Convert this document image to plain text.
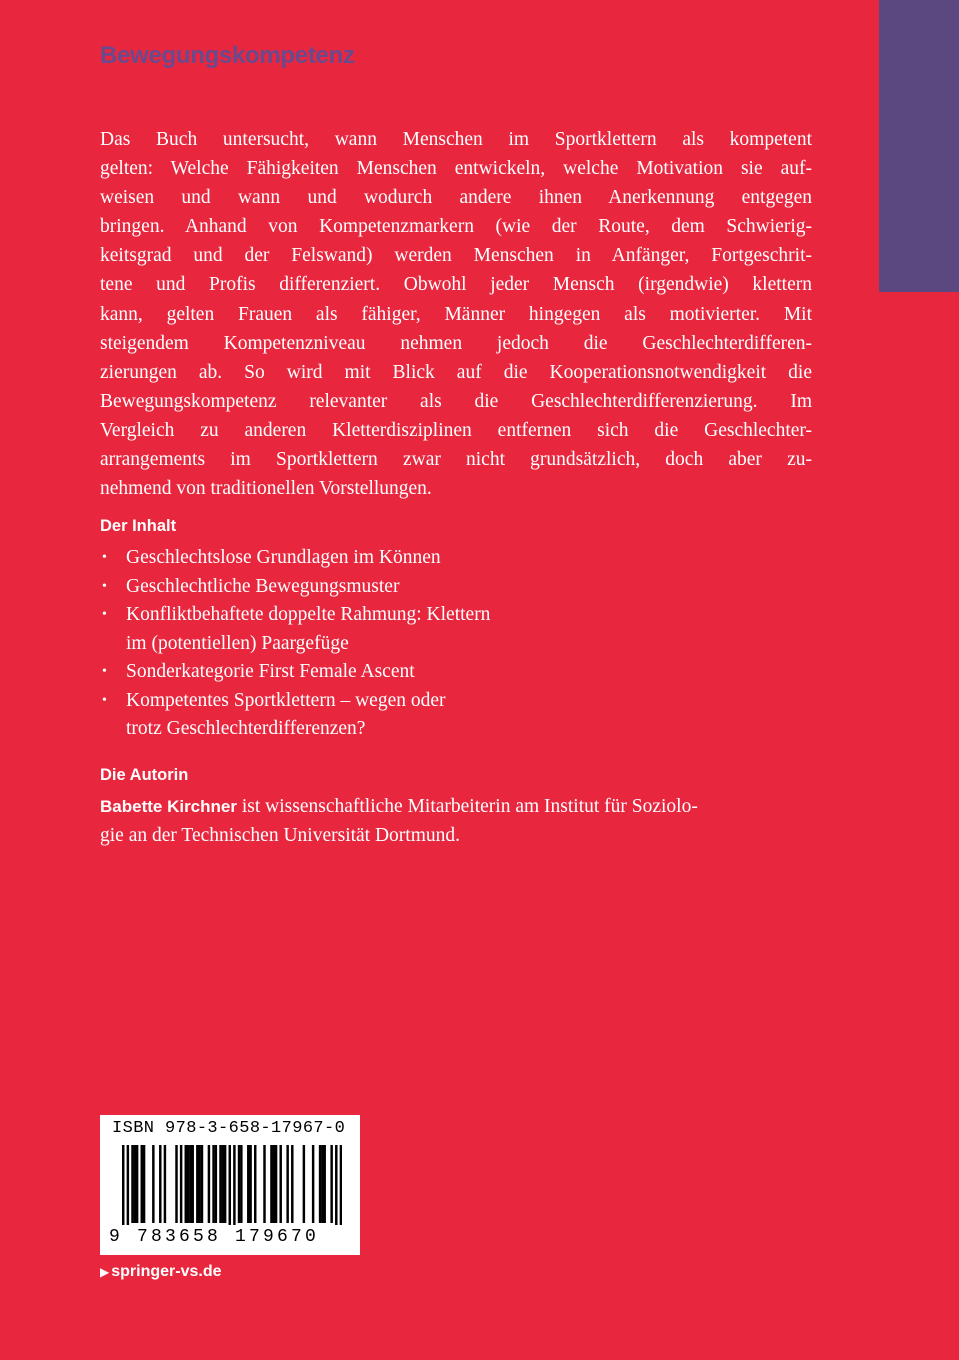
Bewegungskompetenz
Das Buch untersucht, wann Menschen im Sportklettern als kompetent
gelten: Welche Fähigkeiten Menschen entwickeln, welche Motivation sie auf-
weisen und wann und wodurch andere ihnen Anerkennung entgegen
bringen. Anhand von Kompetenzmarkern (wie der Route, dem Schwierig-
keitsgrad und der Felswand) werden Menschen in Anfänger, Fortgeschrit-
tene und Profis differenziert. Obwohl jeder Mensch (irgendwie) klettern
kann, gelten Frauen als fähiger, Männer hingegen als motivierter. Mit
steigendem Kompetenzniveau nehmen jedoch die Geschlechterdifferen-
zierungen ab. So wird mit Blick auf die Kooperationsnotwendigkeit die
Bewegungskompetenz relevanter als die Geschlechterdifferenzierung. Im
Vergleich zu anderen Kletterdisziplinen entfernen sich die Geschlechter-
arrangements im Sportklettern zwar nicht grundsätzlich, doch aber zu-
nehmend von traditionellen Vorstellungen.
Der Inhalt
• Geschlechtslose Grundlagen im Können
• Geschlechtliche Bewegungsmuster
• Konfliktbehaftete doppelte Rahmung: Klettern
im (potentiellen) Paargefüge
• Sonderkategorie First Female Ascent
• Kompetentes Sportklettern – wegen oder
trotz Geschlechterdifferenzen?
Die Autorin
Babette Kirchner ist wissenschaftliche Mitarbeiterin am Institut für Soziolo-
gie an der Technischen Universität Dortmund.
ISBN 978-3-658-17967-0
9 783658 179670
▶ springer-vs.de
